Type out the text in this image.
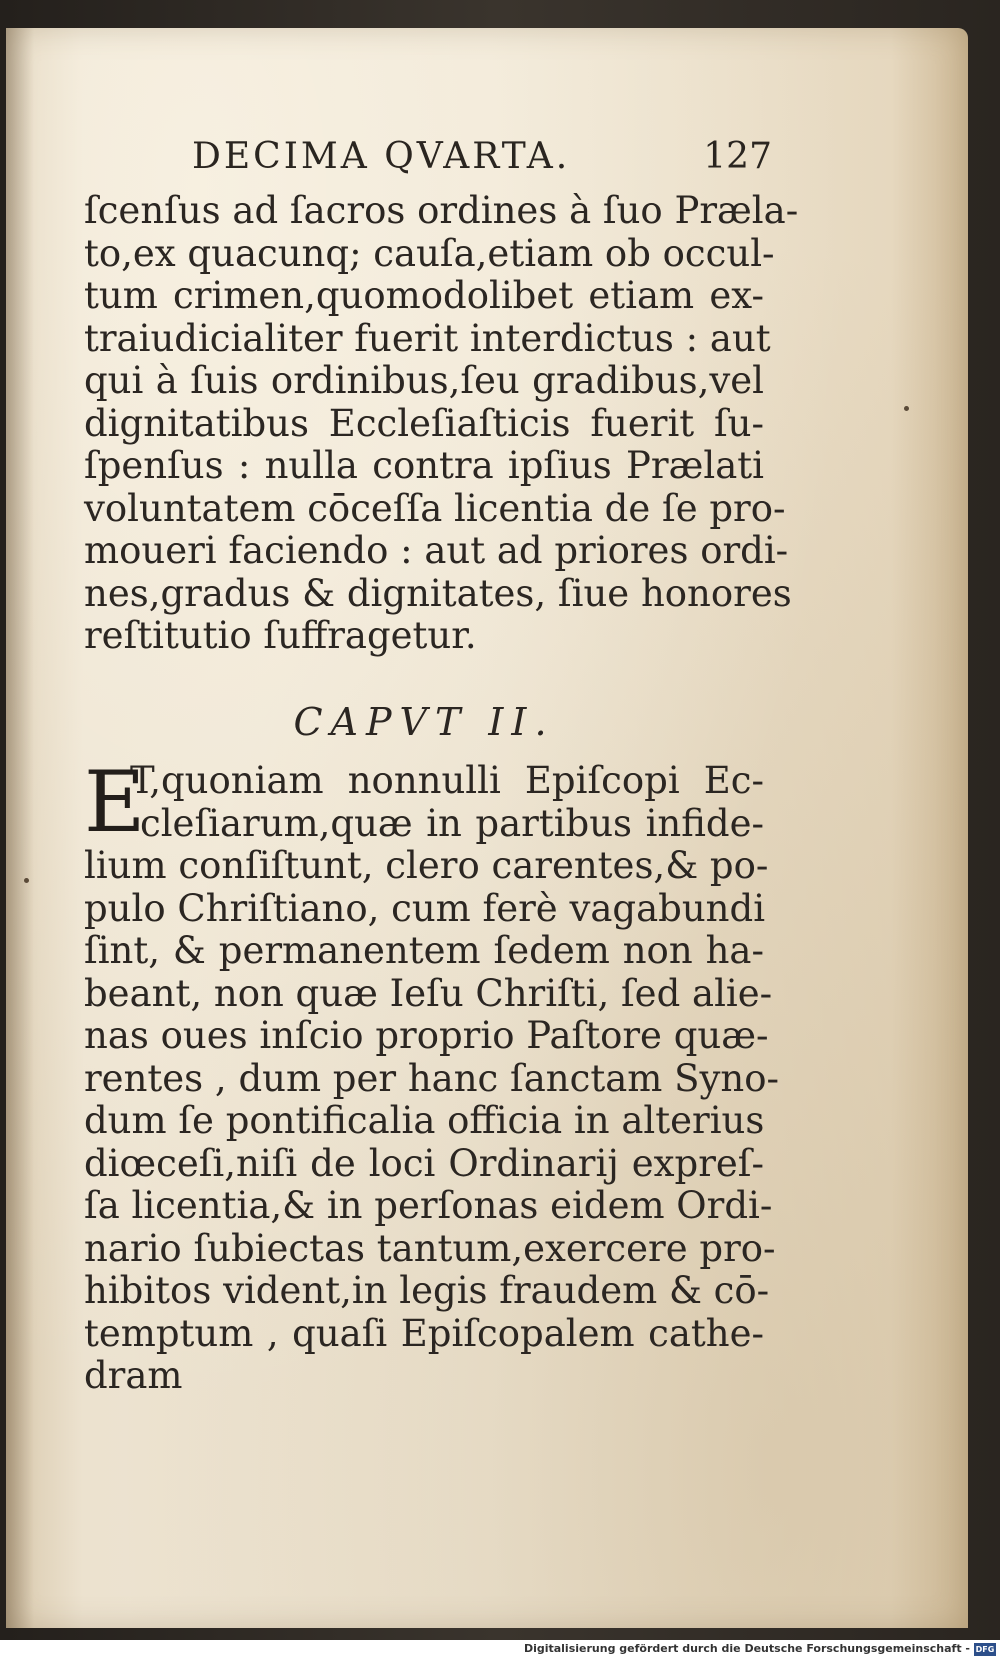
DECIMA QVARTA.	127
ſcenſus ad ſacros ordines à ſuo Præla-
to,ex quacunq; cauſa,etiam ob occul-
tum crimen,quomodolibet etiam ex-
traiudicialiter fuerit interdictus : aut
qui à ſuis ordinibus,ſeu gradibus,vel
dignitatibus Eccleſiaſticis fuerit ſu-
ſpenſus : nulla contra ipſius Prælati
voluntatem cōceſſa licentia de ſe pro-
moueri faciendo : aut ad priores ordi-
nes,gradus & dignitates, ſiue honores
reſtitutio ſuffragetur.
CAPVT II.
E
T,quoniam nonnulli Epiſcopi Ec-
cleſiarum,quæ in partibus infide-
lium conſiſtunt, clero carentes,& po-
pulo Chriſtiano, cum ferè vagabundi
ſint, & permanentem ſedem non ha-
beant, non quæ Ieſu Chriſti, ſed alie-
nas oues inſcio proprio Paſtore quæ-
rentes , dum per hanc ſanctam Syno-
dum ſe pontificalia officia in alterius
diœceſi,niſi de loci Ordinarij expreſ-
ſa licentia,& in perſonas eidem Ordi-
nario ſubiectas tantum,exercere pro-
hibitos vident,in legis fraudem & cō-
temptum , quaſi Epiſcopalem cathe-
dram
Digitalisierung gefördert durch die Deutsche Forschungsgemeinschaft - DFG
